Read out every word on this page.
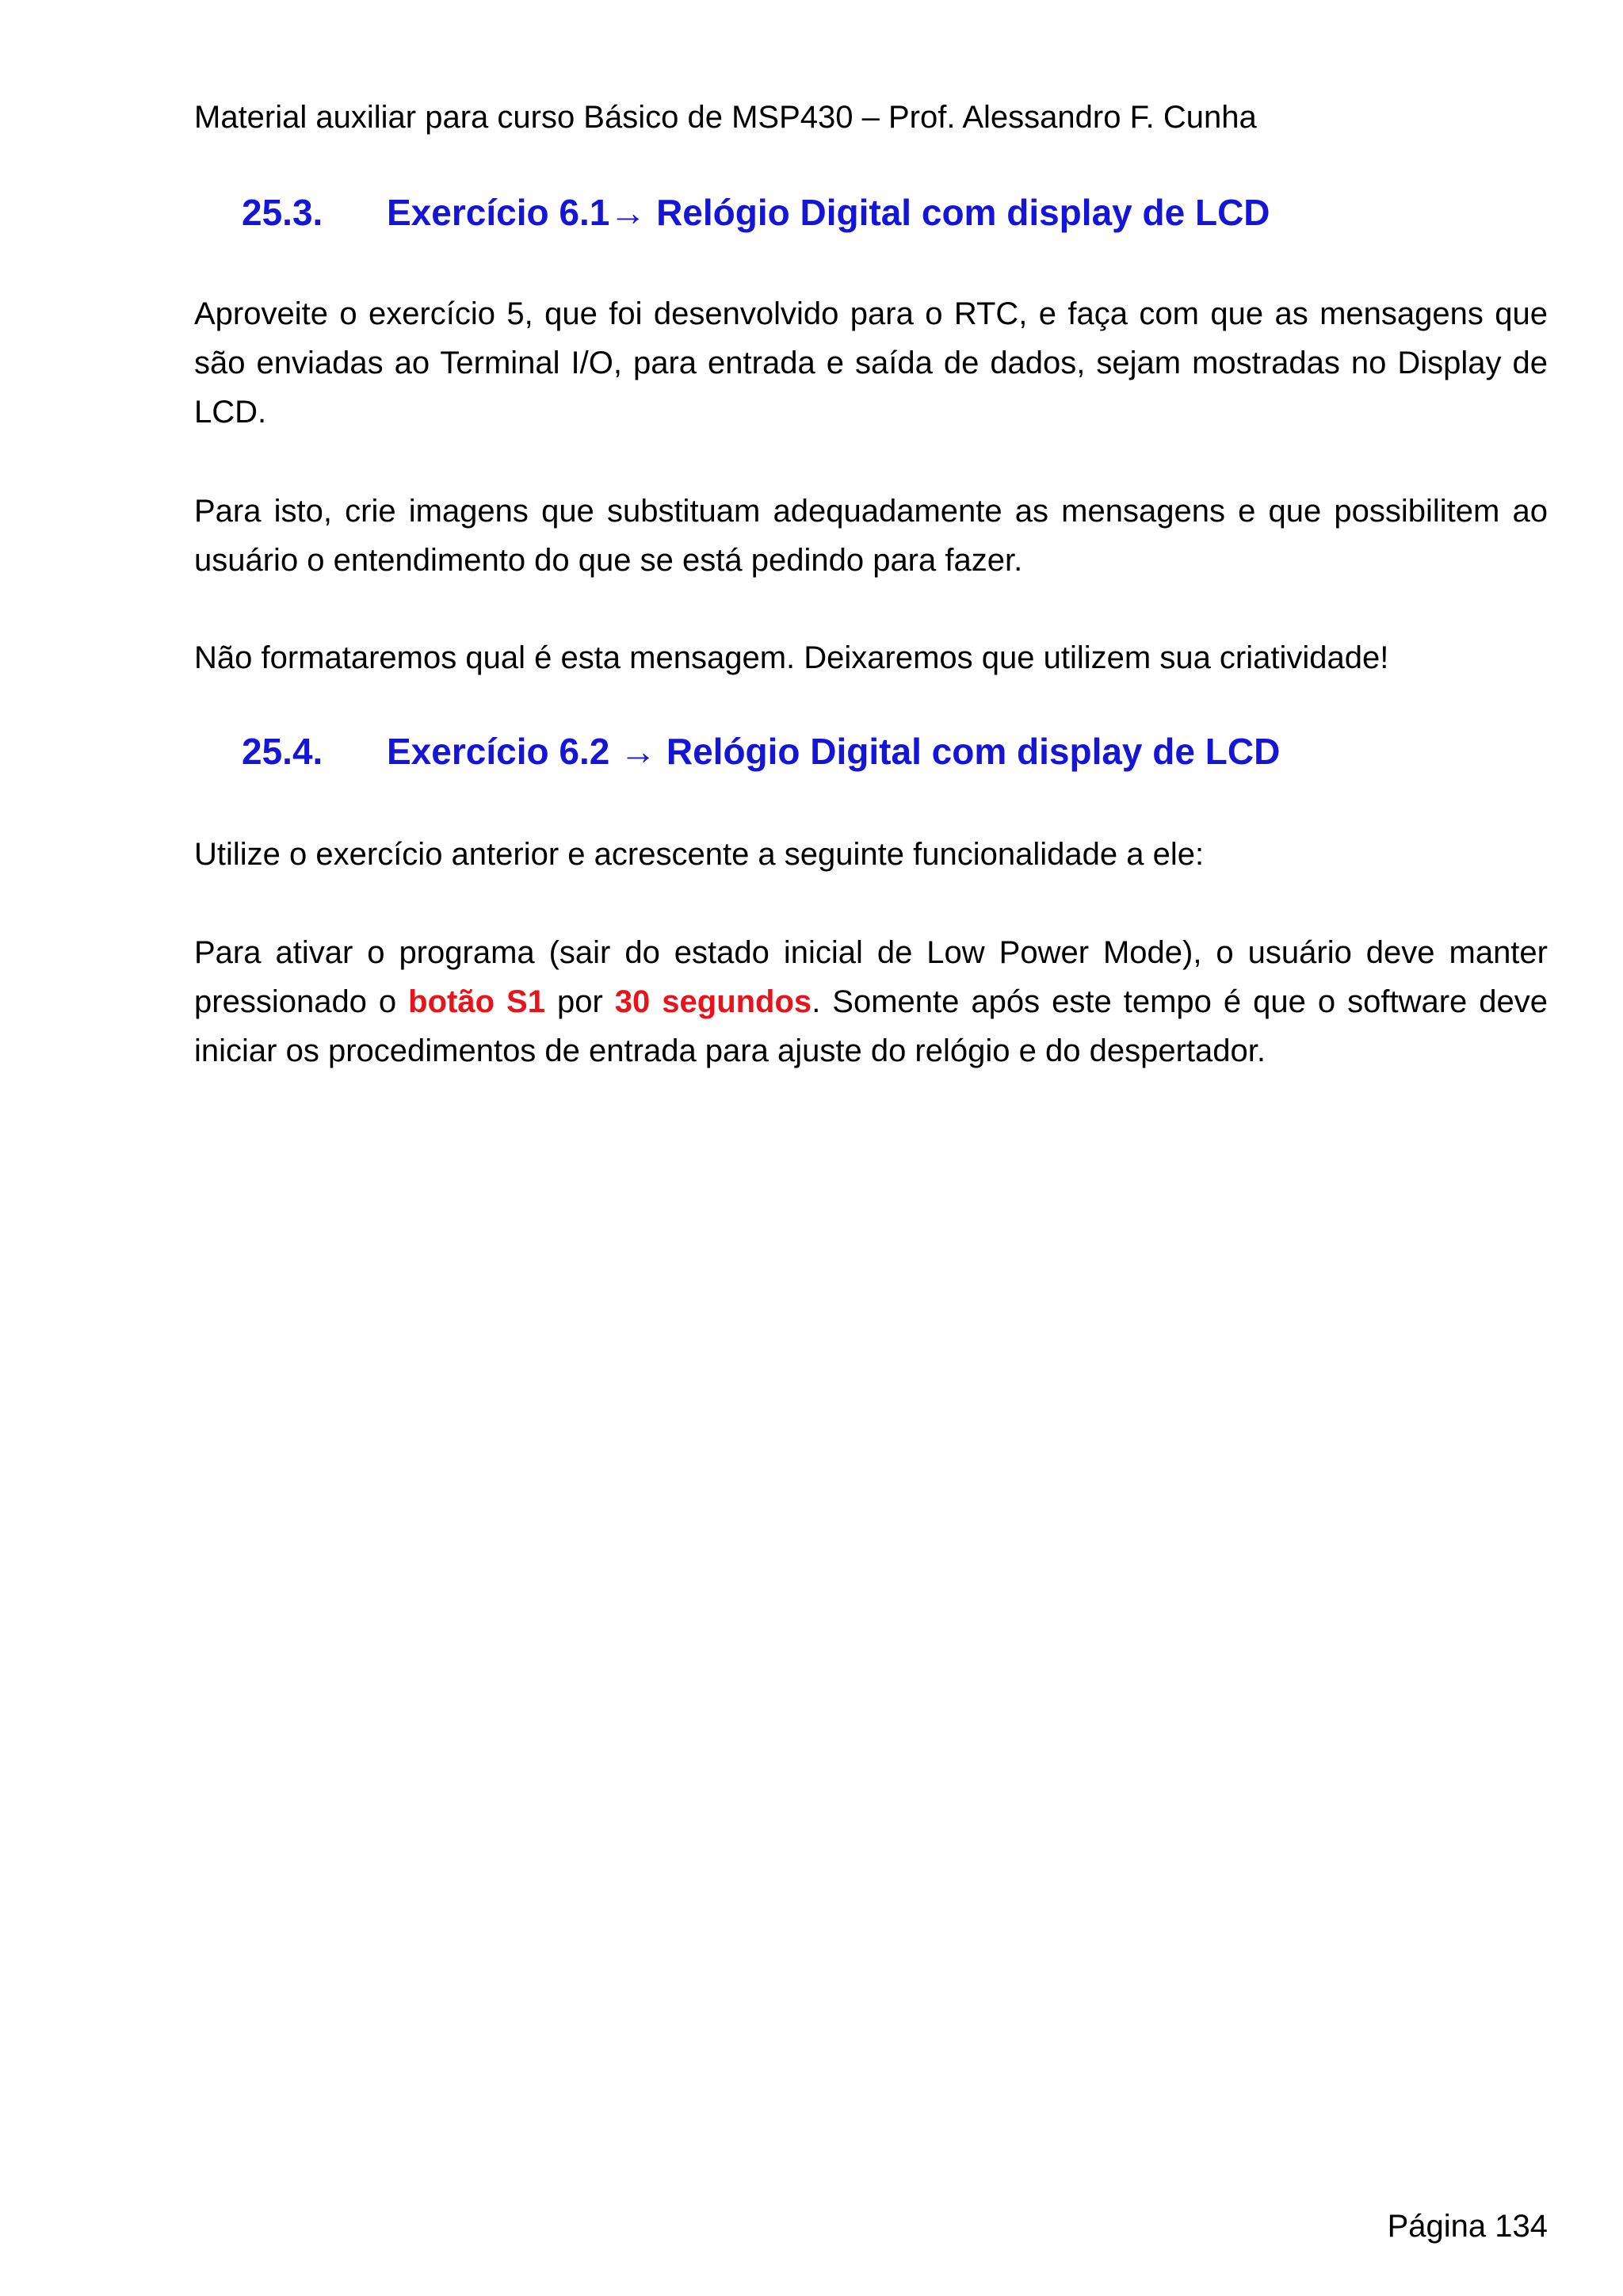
Material auxiliar para curso Básico de MSP430 – Prof. Alessandro F. Cunha
25.3. Exercício 6.1→ Relógio Digital com display de LCD
Aproveite o exercício 5, que foi desenvolvido para o RTC, e faça com que as mensagens que são enviadas ao Terminal I/O, para entrada e saída de dados, sejam mostradas no Display de LCD.
Para isto, crie imagens que substituam adequadamente as mensagens e que possibilitem ao usuário o entendimento do que se está pedindo para fazer.
Não formataremos qual é esta mensagem. Deixaremos que utilizem sua criatividade!
25.4. Exercício 6.2 → Relógio Digital com display de LCD
Utilize o exercício anterior e acrescente a seguinte funcionalidade a ele:
Para ativar o programa (sair do estado inicial de Low Power Mode), o usuário deve manter pressionado o botão S1 por 30 segundos. Somente após este tempo é que o software deve iniciar os procedimentos de entrada para ajuste do relógio e do despertador.
Página 134
